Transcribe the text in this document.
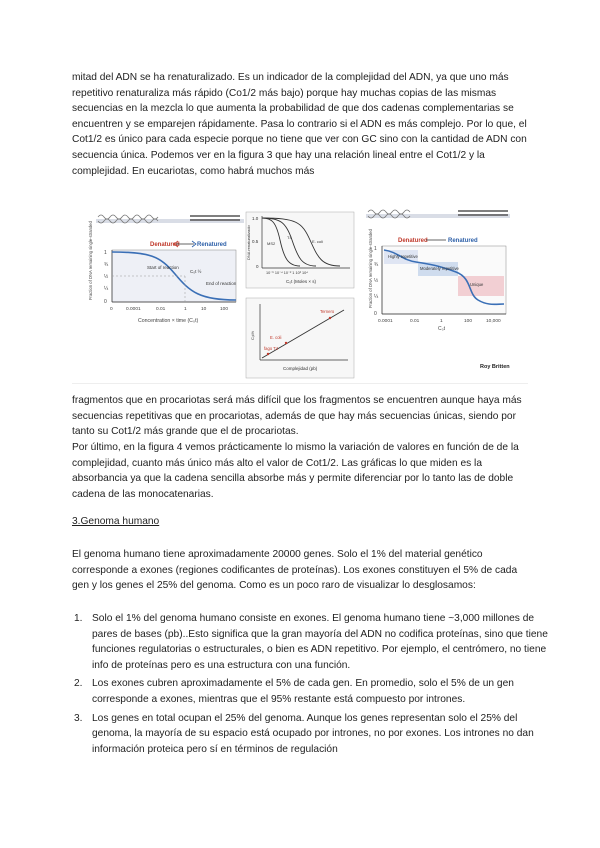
mitad del ADN se ha renaturalizado. Es un indicador de la complejidad del ADN, ya que uno más repetitivo renaturaliza más rápido (Co1/2 más bajo) porque hay muchas copias de las mismas secuencias en la mezcla lo que aumenta la probabilidad de que dos cadenas complementarias se encuentren y se emparejen rápidamente. Pasa lo contrario si el ADN es más complejo. Por lo que, el Cot1/2 es único para cada especie porque no tiene que ver con GC sino con la cantidad de ADN con secuencia única. Podemos ver en la figura 3 que hay una relación lineal entre el Cot1/2 y la complejidad. En eucariotas, como habrá muchos más

Denatured	Renatured
1
¾
½
¼
0
Fraction of DNA remaining single-stranded	Start of reaction
C₀t ½
End of reaction
0	0.0001	0.01	1	10	100
Concentration × time (C₀t)
1.0
0.5
0
DNA renaturalizado	MS2
T4
E. coli
10⁻⁶ 10⁻⁴ 10⁻² 1 10² 10⁴
C₀t (Moles × s)
C₀t½
Ternero
E. coli
fago T4
Complejidad (pb)
Denatured	Renatured
Highly repetitive
Moderately repetitive
Unique
1
¾
½
¼
0
Fraction of DNA remaining single-stranded
0.0001	0.01	1	100	10,000
C₀t
Roy Britten

fragmentos que en procariotas será más difícil que los fragmentos se encuentren aunque haya más secuencias repetitivas que en procariotas, además de que hay más secuencias únicas, siendo por tanto su Cot1/2 más grande que el de procariotas.

Por último, en la figura 4 vemos prácticamente lo mismo la variación de valores en función de de la complejidad, cuanto más único más alto el valor de Cot1/2. Las gráficas lo que miden es la absorbancia ya que la cadena sencilla absorbe más y permite diferenciar por lo tanto las de doble cadena de las monocatenarias.

3.Genoma humano

El genoma humano tiene aproximadamente 20000 genes. Solo el 1% del material genético corresponde a exones (regiones codificantes de proteínas). Los exones constituyen el 5% de cada gen y los genes el 25% del genoma. Como es un poco raro de visualizar lo desglosamos:

1. Solo el 1% del genoma humano consiste en exones. El genoma humano tiene ~3,000 millones de pares de bases (pb)..Esto significa que la gran mayoría del ADN no codifica proteínas, sino que tiene funciones regulatorias o estructurales, o bien es ADN repetitivo. Por ejemplo, el centrómero, no tiene info de proteínas pero es una estructura con una función.
2. Los exones cubren aproximadamente el 5% de cada gen. En promedio, solo el 5% de un gen corresponde a exones, mientras que el 95% restante está compuesto por intrones.
3. Los genes en total ocupan el 25% del genoma. Aunque los genes representan solo el 25% del genoma, la mayoría de su espacio está ocupado por intrones, no por exones. Los intrones no dan información proteica pero sí en términos de regulación
